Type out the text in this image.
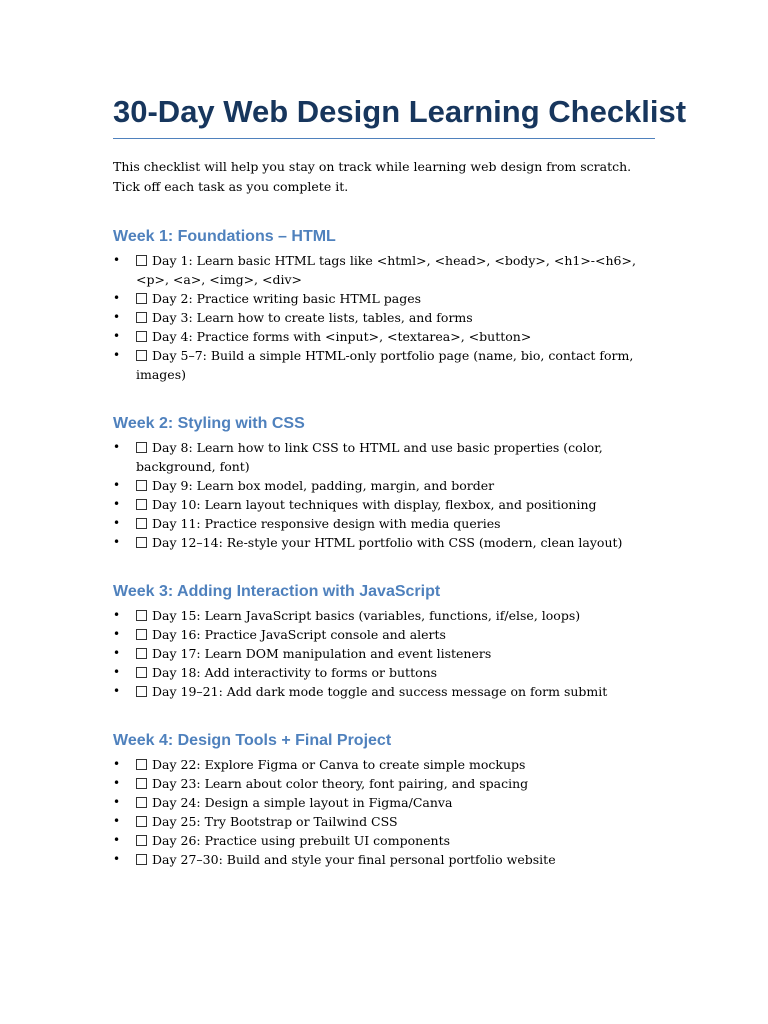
30-Day Web Design Learning Checklist

This checklist will help you stay on track while learning web design from scratch. Tick off each task as you complete it.

Week 1: Foundations – HTML
•	Day 1: Learn basic HTML tags like <html>, <head>, <body>, <h1>-<h6>, <p>, <a>, <img>, <div>
•	Day 2: Practice writing basic HTML pages
•	Day 3: Learn how to create lists, tables, and forms
•	Day 4: Practice forms with <input>, <textarea>, <button>
•	Day 5–7: Build a simple HTML-only portfolio page (name, bio, contact form, images)
Week 2: Styling with CSS
•	Day 8: Learn how to link CSS to HTML and use basic properties (color, background, font)
•	Day 9: Learn box model, padding, margin, and border
•	Day 10: Learn layout techniques with display, flexbox, and positioning
•	Day 11: Practice responsive design with media queries
•	Day 12–14: Re-style your HTML portfolio with CSS (modern, clean layout)
Week 3: Adding Interaction with JavaScript
•	Day 15: Learn JavaScript basics (variables, functions, if/else, loops)
•	Day 16: Practice JavaScript console and alerts
•	Day 17: Learn DOM manipulation and event listeners
•	Day 18: Add interactivity to forms or buttons
•	Day 19–21: Add dark mode toggle and success message on form submit
Week 4: Design Tools + Final Project
•	Day 22: Explore Figma or Canva to create simple mockups
•	Day 23: Learn about color theory, font pairing, and spacing
•	Day 24: Design a simple layout in Figma/Canva
•	Day 25: Try Bootstrap or Tailwind CSS
•	Day 26: Practice using prebuilt UI components
•	Day 27–30: Build and style your final personal portfolio website
